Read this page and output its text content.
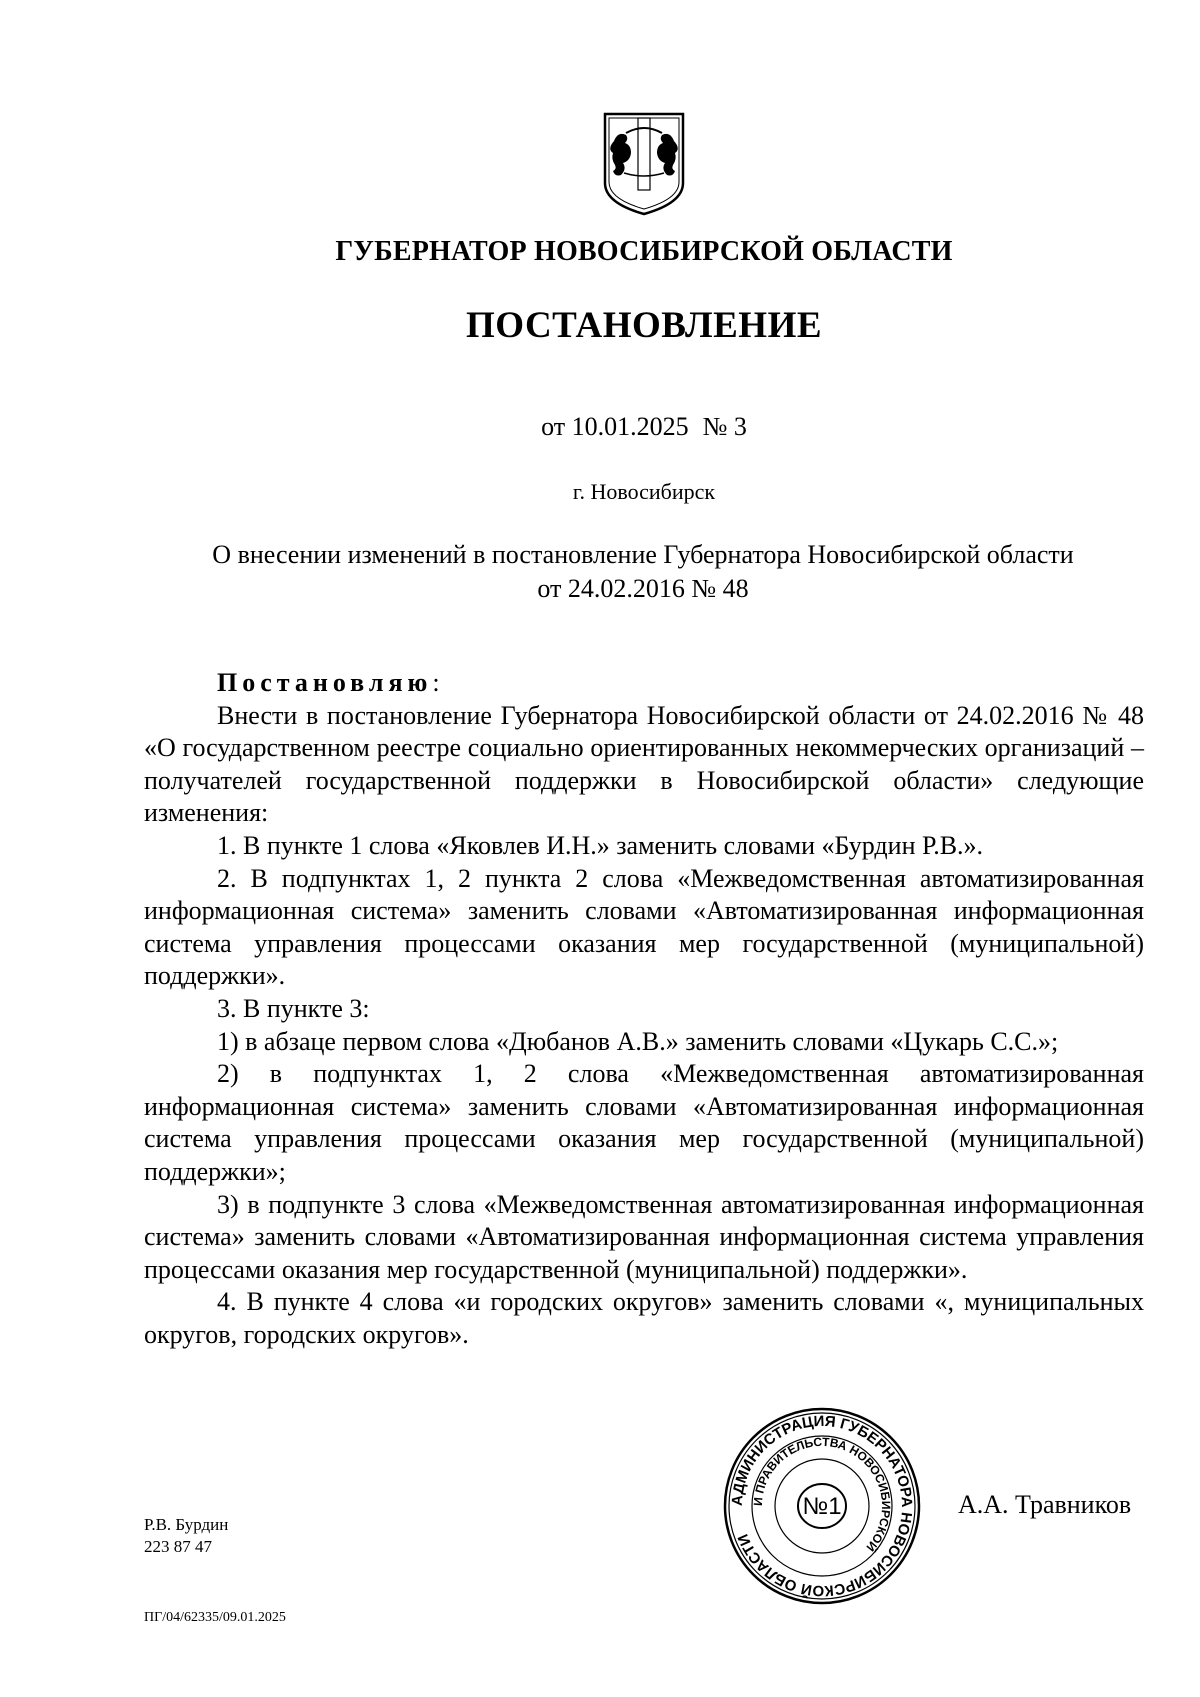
ГУБЕРНАТОР НОВОСИБИРСКОЙ ОБЛАСТИ
ПОСТАНОВЛЕНИЕ
от 10.01.2025 № 3
г. Новосибирск
О внесении изменений в постановление Губернатора Новосибирской области
от 24.02.2016 № 48

Постановляю:

Внести в постановление Губернатора Новосибирской области от 24.02.2016 № 48 «О государственном реестре социально ориентированных некоммерческих организаций – получателей государственной поддержки в Новосибирской области» следующие изменения:

1. В пункте 1 слова «Яковлев И.Н.» заменить словами «Бурдин Р.В.».

2. В подпунктах 1, 2 пункта 2 слова «Межведомственная автоматизированная информационная система» заменить словами «Автоматизированная информационная система управления процессами оказания мер государственной (муниципальной) поддержки».

3. В пункте 3:

1) в абзаце первом слова «Дюбанов А.В.» заменить словами «Цукарь С.С.»;

2) в подпунктах 1, 2 слова «Межведомственная автоматизированная информационная система» заменить словами «Автоматизированная информационная система управления процессами оказания мер государственной (муниципальной) поддержки»;

3) в подпункте 3 слова «Межведомственная автоматизированная информационная система» заменить словами «Автоматизированная информационная система управления процессами оказания мер государственной (муниципальной) поддержки».

4. В пункте 4 слова «и городских округов» заменить словами «, муниципальных округов, городских округов».

АДМИНИСТРАЦИЯ ГУБЕРНАТОРА НОВОСИБИРСКОЙ ОБЛАСТИ
И ПРАВИТЕЛЬСТВА НОВОСИБИРСКОЙ
№1	А.А. Травников
Р.В. Бурдин
223 87 47
ПГ/04/62335/09.01.2025
